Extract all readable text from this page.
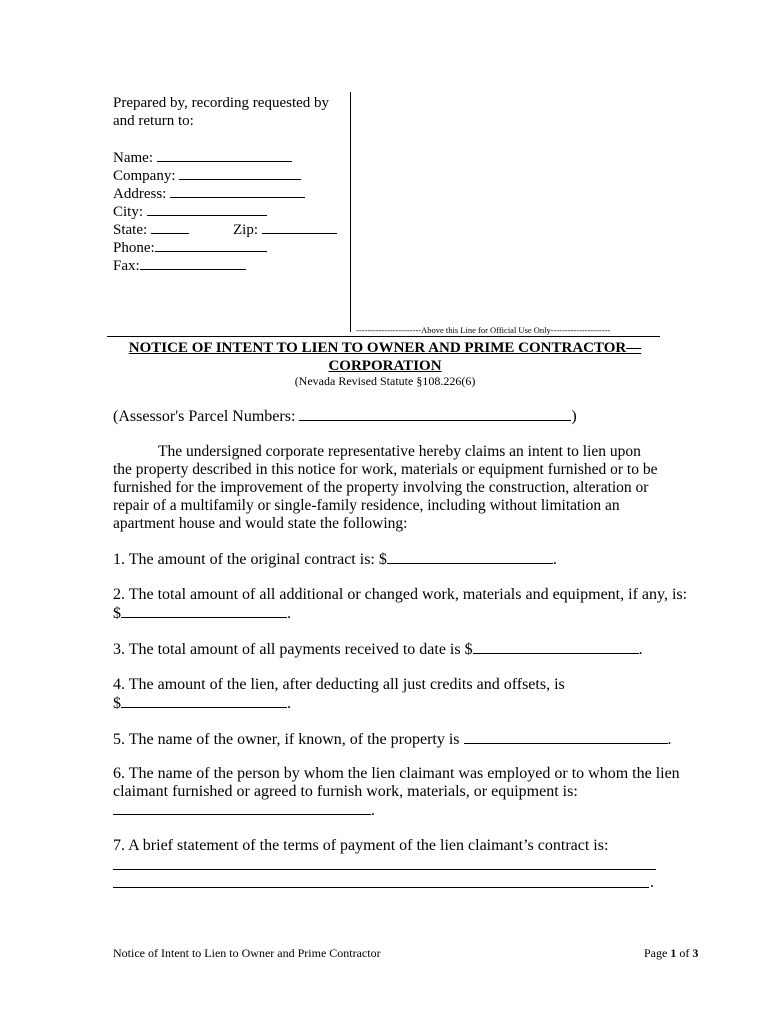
Prepared by, recording requested by
and return to:
Name:
Company:
Address:
City:
State:	Zip:
Phone:
Fax:
-----------------------Above this Line for Official Use Only---------------------
NOTICE OF INTENT TO LIEN TO OWNER AND PRIME CONTRACTOR—
CORPORATION
(Nevada Revised Statute §108.226(6)
(Assessor's Parcel Numbers:	)
The undersigned corporate representative hereby claims an intent to lien upon the property described in this notice for work, materials or equipment furnished or to be furnished for the improvement of the property involving the construction, alteration or repair of a multifamily or single-family residence, including without limitation an apartment house and would state the following:
1. The amount of the original contract is: $	.
2. The total amount of all additional or changed work, materials and equipment, if any, is:
$	.
3. The total amount of all payments received to date is $	.
4. The amount of the lien, after deducting all just credits and offsets, is
$	.
5. The name of the owner, if known, of the property is	.
6. The name of the person by whom the lien claimant was employed or to whom the lien
claimant furnished or agreed to furnish work, materials, or equipment is:
.
7. A brief statement of the terms of payment of the lien claimant’s contract is:
.
Notice of Intent to Lien to Owner and Prime Contractor	Page 1 of 3
